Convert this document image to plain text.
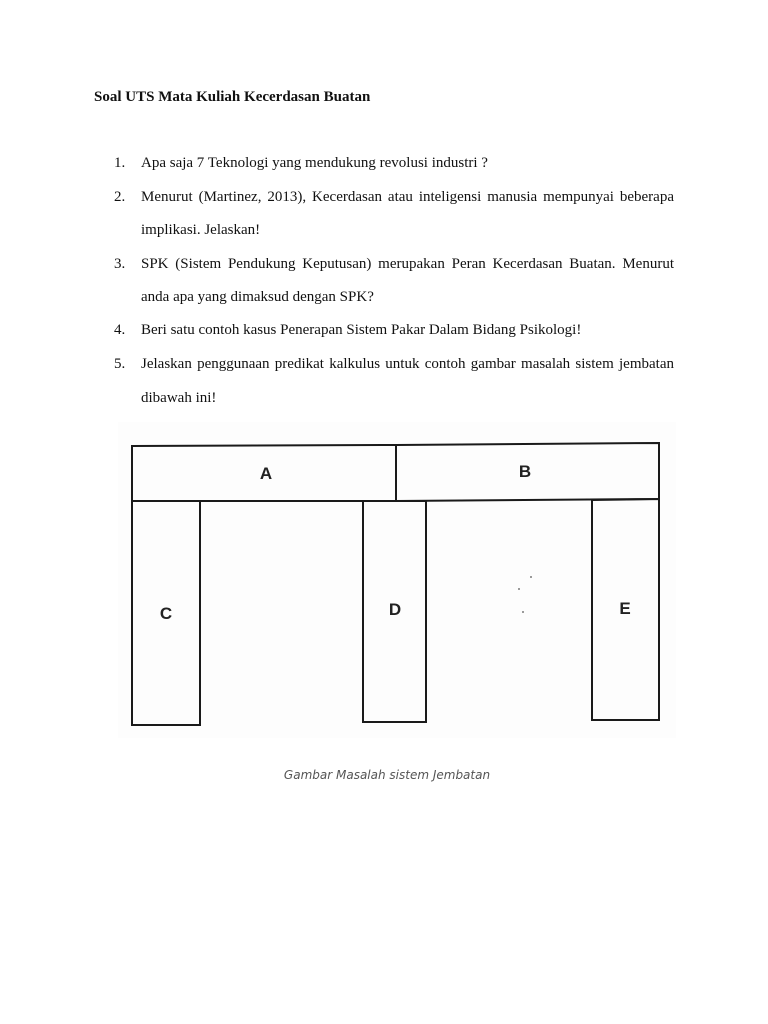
Soal UTS Mata Kuliah Kecerdasan Buatan
1.	Apa saja 7 Teknologi yang mendukung revolusi industri ?
2.	Menurut (Martinez, 2013), Kecerdasan atau inteligensi manusia mempunyai beberapa
implikasi. Jelaskan!
3.	SPK (Sistem Pendukung Keputusan) merupakan Peran Kecerdasan Buatan. Menurut
anda apa yang dimaksud dengan SPK?
4.	Beri satu contoh kasus Penerapan Sistem Pakar Dalam Bidang Psikologi!
5.	Jelaskan penggunaan predikat kalkulus untuk contoh gambar masalah sistem jembatan
dibawah ini!
A	B
C	D	E
Gambar Masalah sistem Jembatan
